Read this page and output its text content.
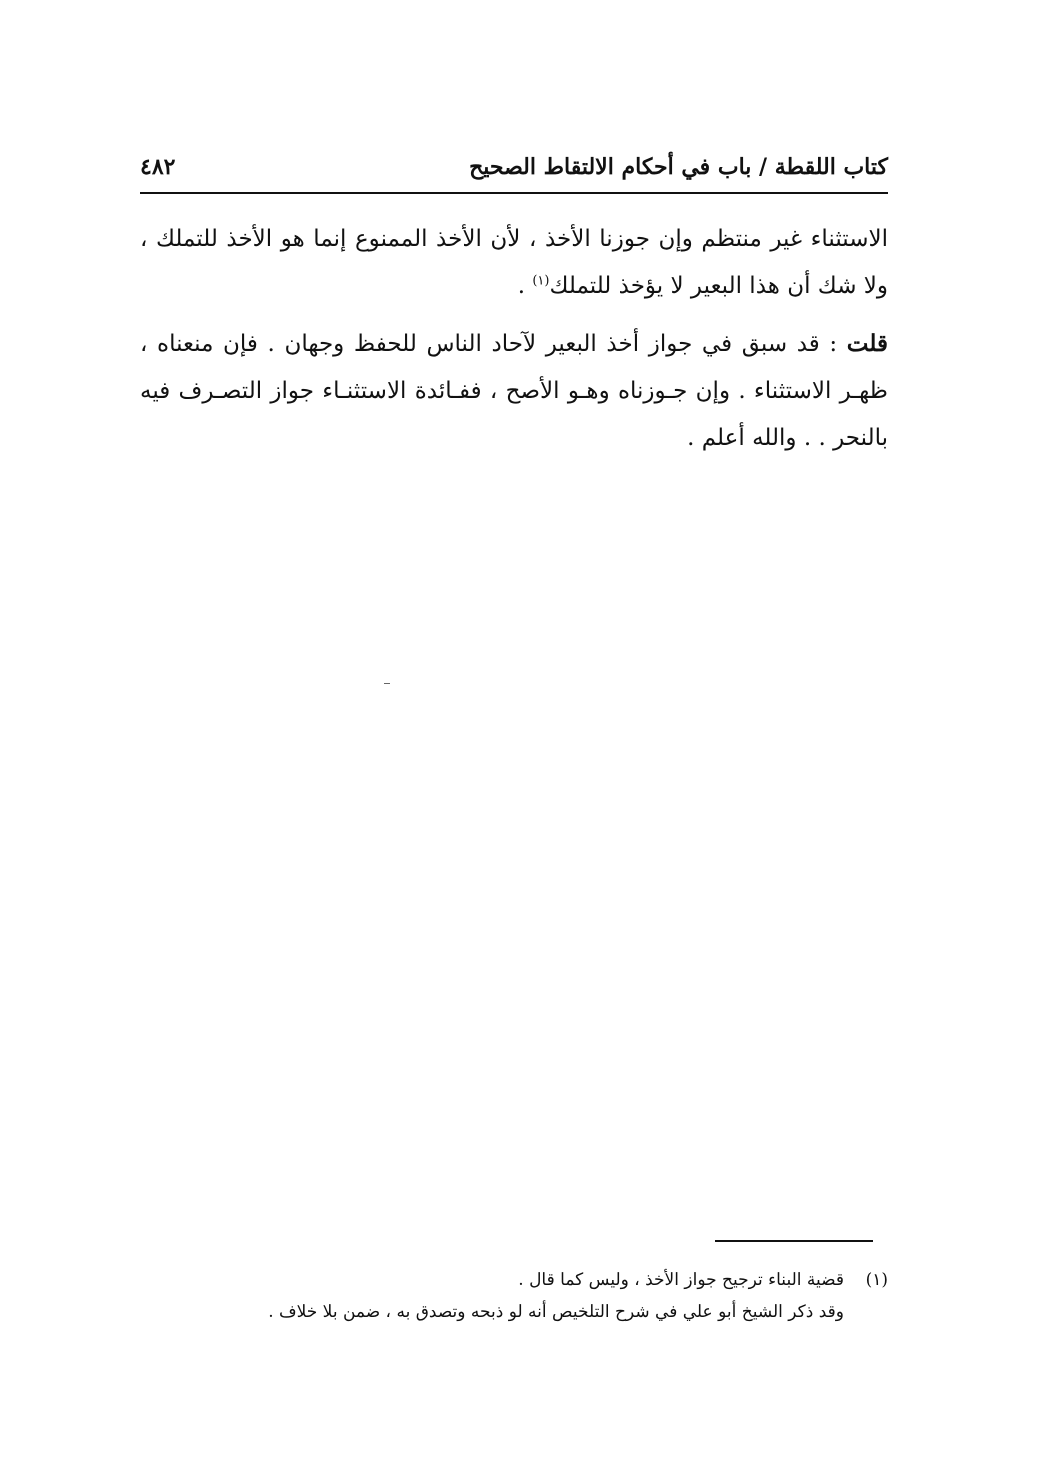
كتاب اللقطة / باب في أحكام الالتقاط الصحيح
٤٨٢

الاستثناء غير منتظم وإن جوزنا الأخذ ، لأن الأخذ الممنوع إنما هو الأخذ للتملك ، ولا شك أن هذا البعير لا يؤخذ للتملك$^{(١)}$ .

قلت : قد سبق في جواز أخذ البعير لآحاد الناس للحفظ وجهان . فإن منعناه ، ظهـر الاستثناء . وإن جـوزناه وهـو الأصح ، ففـائدة الاستثنـاء جواز التصـرف فيه بالنحر . . والله أعلم .

(١)قضية البناء ترجيح جواز الأخذ ، وليس كما قال .
وقد ذكر الشيخ أبو علي في شرح التلخيص أنه لو ذبحه وتصدق به ، ضمن بلا خلاف .
